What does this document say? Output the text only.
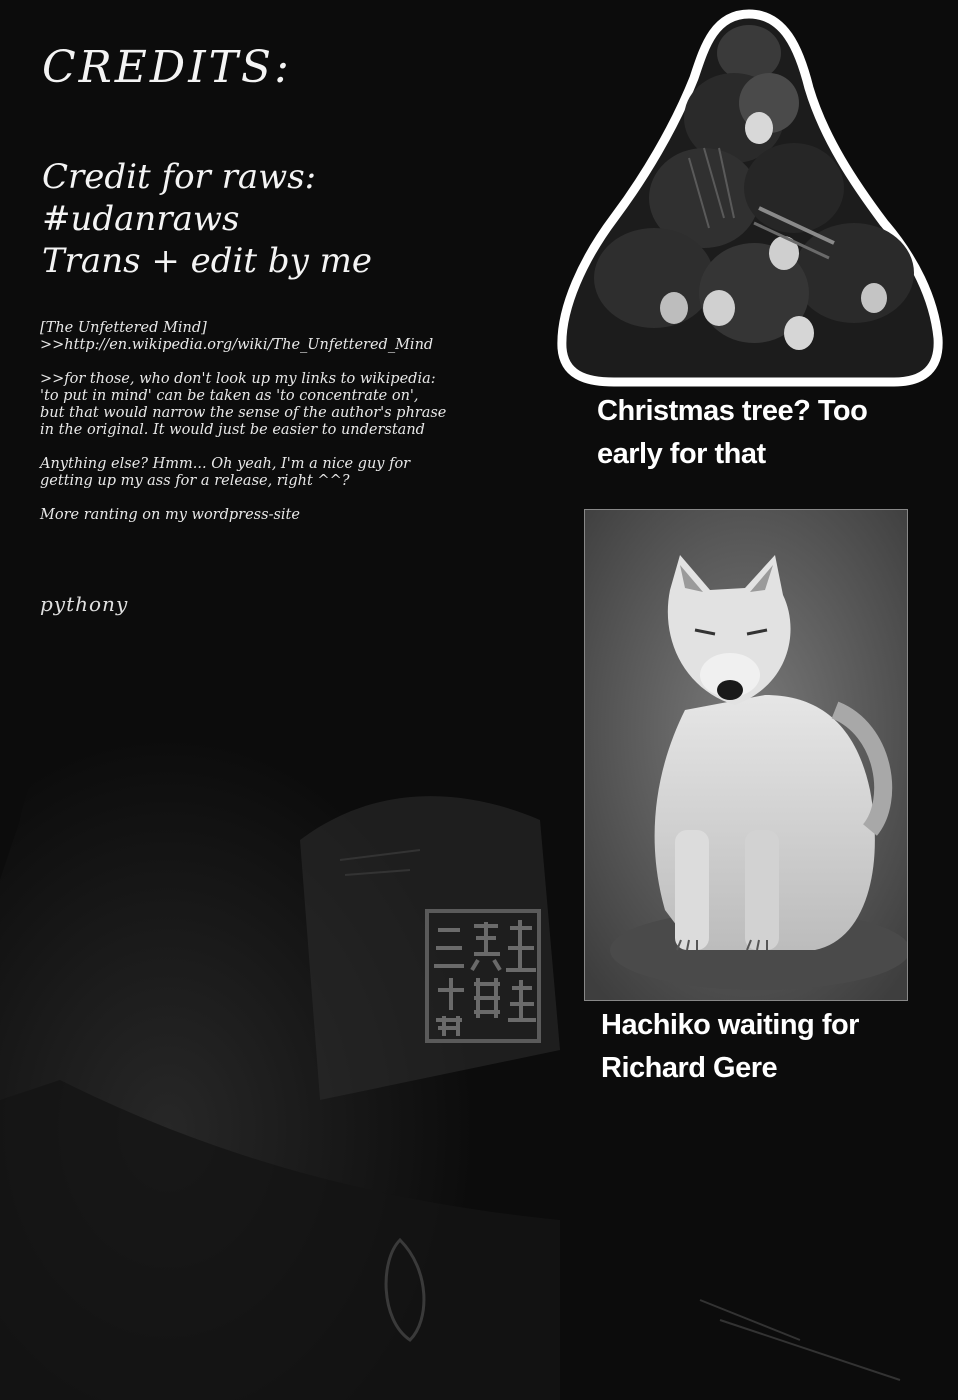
CREDITS:
Credit for raws:
#udanraws
Trans + edit by me
[The Unfettered Mind]
>>http://en.wikipedia.org/wiki/The_Unfettered_Mind
>>for those, who don't look up my links to wikipedia:
'to put in mind' can be taken as 'to concentrate on',
but that would narrow the sense of the author's phrase
in the original. It would just be easier to understand
Anything else? Hmm... Oh yeah, I'm a nice guy for
getting up my ass for a release, right ^^?
More ranting on my wordpress-site
pythony
Christmas tree? Too
early for that
Hachiko waiting for
Richard Gere
